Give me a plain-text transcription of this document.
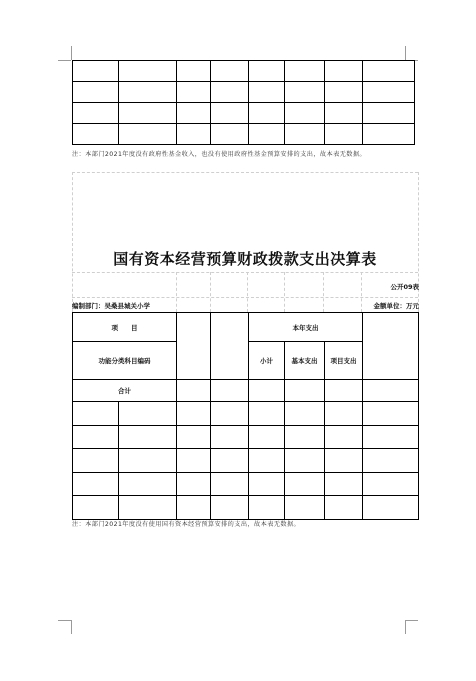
注：本部门2021年度没有政府性基金收入，也没有使用政府性基金预算安排的支出，故本表无数据。
国有资本经营预算财政拨款支出决算表
公开09表
编制部门：吴桑县城关小学	金额单位：万元
项　　目				本年支出			
功能分类科目编码				小计	基本支出	项目支出	

合计							

注：本部门2021年度没有使用国有资本经营预算安排的支出，故本表无数据。
